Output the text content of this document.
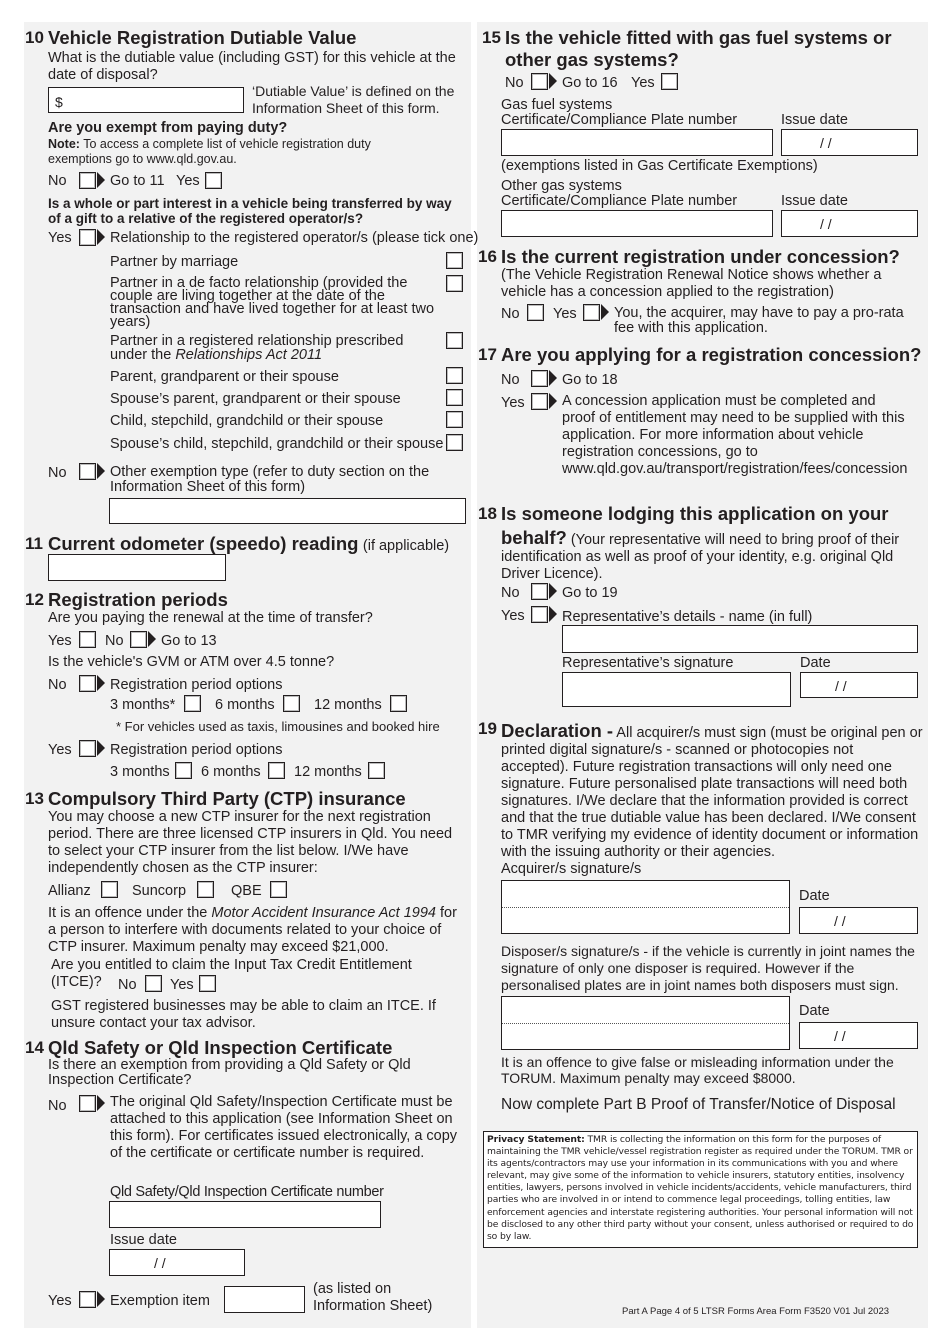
10 Vehicle Registration Dutiable Value
What is the dutiable value (including GST) for this vehicle at the date of disposal?
$
‘Dutiable Value’ is defined on the Information Sheet of this form.
Are you exempt from paying duty?
Note: To access a complete list of vehicle registration duty exemptions go to www.qld.gov.au.
No	Go to 11 Yes
Is a whole or part interest in a vehicle being transferred by way of a gift to a relative of the registered operator/s?
Yes	Relationship to the registered operator/s (please tick one)
Partner by marriage
Partner in a de facto relationship (provided the couple are living together at the date of the transaction and have lived together for at least two years)
Partner in a registered relationship prescribed under the Relationships Act 2011
Parent, grandparent or their spouse
Spouse’s parent, grandparent or their spouse
Child, stepchild, grandchild or their spouse
Spouse’s child, stepchild, grandchild or their spouse
No	Other exemption type (refer to duty section on the Information Sheet of this form)
11 Current odometer (speedo) reading (if applicable)
12 Registration periods
Are you paying the renewal at the time of transfer?
Yes No	Go to 13
Is the vehicle's GVM or ATM over 4.5 tonne?
No	Registration period options
3 months*	6 months	12 months
* For vehicles used as taxis, limousines and booked hire
Yes	Registration period options
3 months 6 months 12 months
13 Compulsory Third Party (CTP) insurance
You may choose a new CTP insurer for the next registration period. There are three licensed CTP insurers in Qld. You need to select your CTP insurer from the list below. I/We have independently chosen as the CTP insurer:
Allianz	Suncorp	QBE
It is an offence under the Motor Accident Insurance Act 1994 for a person to interfere with documents related to your choice of CTP insurer. Maximum penalty may exceed $21,000.
Are you entitled to claim the Input Tax Credit Entitlement (ITCE)?	No Yes
GST registered businesses may be able to claim an ITCE. If unsure contact your tax advisor.
14 Qld Safety or Qld Inspection Certificate
Is there an exemption from providing a Qld Safety or Qld Inspection Certificate?
No	The original Qld Safety/Inspection Certificate must be attached to this application (see Information Sheet on this form). For certificates issued electronically, a copy of the certificate or certificate number is required.
Qld Safety/Qld Inspection Certificate number
Issue date
/ /
Yes	Exemption item
(as listed on Information Sheet)
15 Is the vehicle fitted with gas fuel systems or other gas systems?
No	Go to 16 Yes
Gas fuel systems
Certificate/Compliance Plate number	Issue date
/ /
(exemptions listed in Gas Certificate Exemptions)
Other gas systems
Certificate/Compliance Plate number	Issue date
/ /
16 Is the current registration under concession?
(The Vehicle Registration Renewal Notice shows whether a vehicle has a concession applied to the registration)
No Yes	You, the acquirer, may have to pay a pro-rata fee with this application.
17 Are you applying for a registration concession?
No	Go to 18
Yes	A concession application must be completed and proof of entitlement may need to be supplied with this application. For more information about vehicle registration concessions, go to www.qld.gov.au/transport/registration/fees/concession
18 Is someone lodging this application on your
behalf? (Your representative will need to bring proof of their identification as well as proof of your identity, e.g. original Qld Driver Licence).
No	Go to 19
Yes	Representative’s details - name (in full)
Representative’s signature	Date
/ /
19 Declaration - All acquirer/s must sign (must be original pen or printed digital signature/s - scanned or photocopies not accepted). Future registration transactions will only need one signature. Future personalised plate transactions will need both signatures. I/We declare that the information provided is correct and that the true dutiable value has been declared. I/We consent to TMR verifying my evidence of identity document or information with the issuing authority or their agencies.
Acquirer/s signature/s
Date
/ /
Disposer/s signature/s - if the vehicle is currently in joint names the signature of only one disposer is required. However if the personalised plates are in joint names both disposers must sign.
Date
/ /
It is an offence to give false or misleading information under the TORUM. Maximum penalty may exceed $8000.
Now complete Part B Proof of Transfer/Notice of Disposal
Privacy Statement: TMR is collecting the information on this form for the purposes of maintaining the TMR vehicle/vessel registration register as required under the TORUM. TMR or its agents/contractors may use your information in its communications with you and where relevant, may give some of the information to vehicle insurers, statutory entities, insolvency entities, lawyers, persons involved in vehicle incidents/accidents, vehicle manufacturers, third parties who are involved in or intend to commence legal proceedings, tolling entities, law enforcement agencies and interstate registering authorities. Your personal information will not be disclosed to any other third party without your consent, unless authorised or required to do so by law.
Part A Page 4 of 5 LTSR Forms Area Form F3520 V01 Jul 2023
